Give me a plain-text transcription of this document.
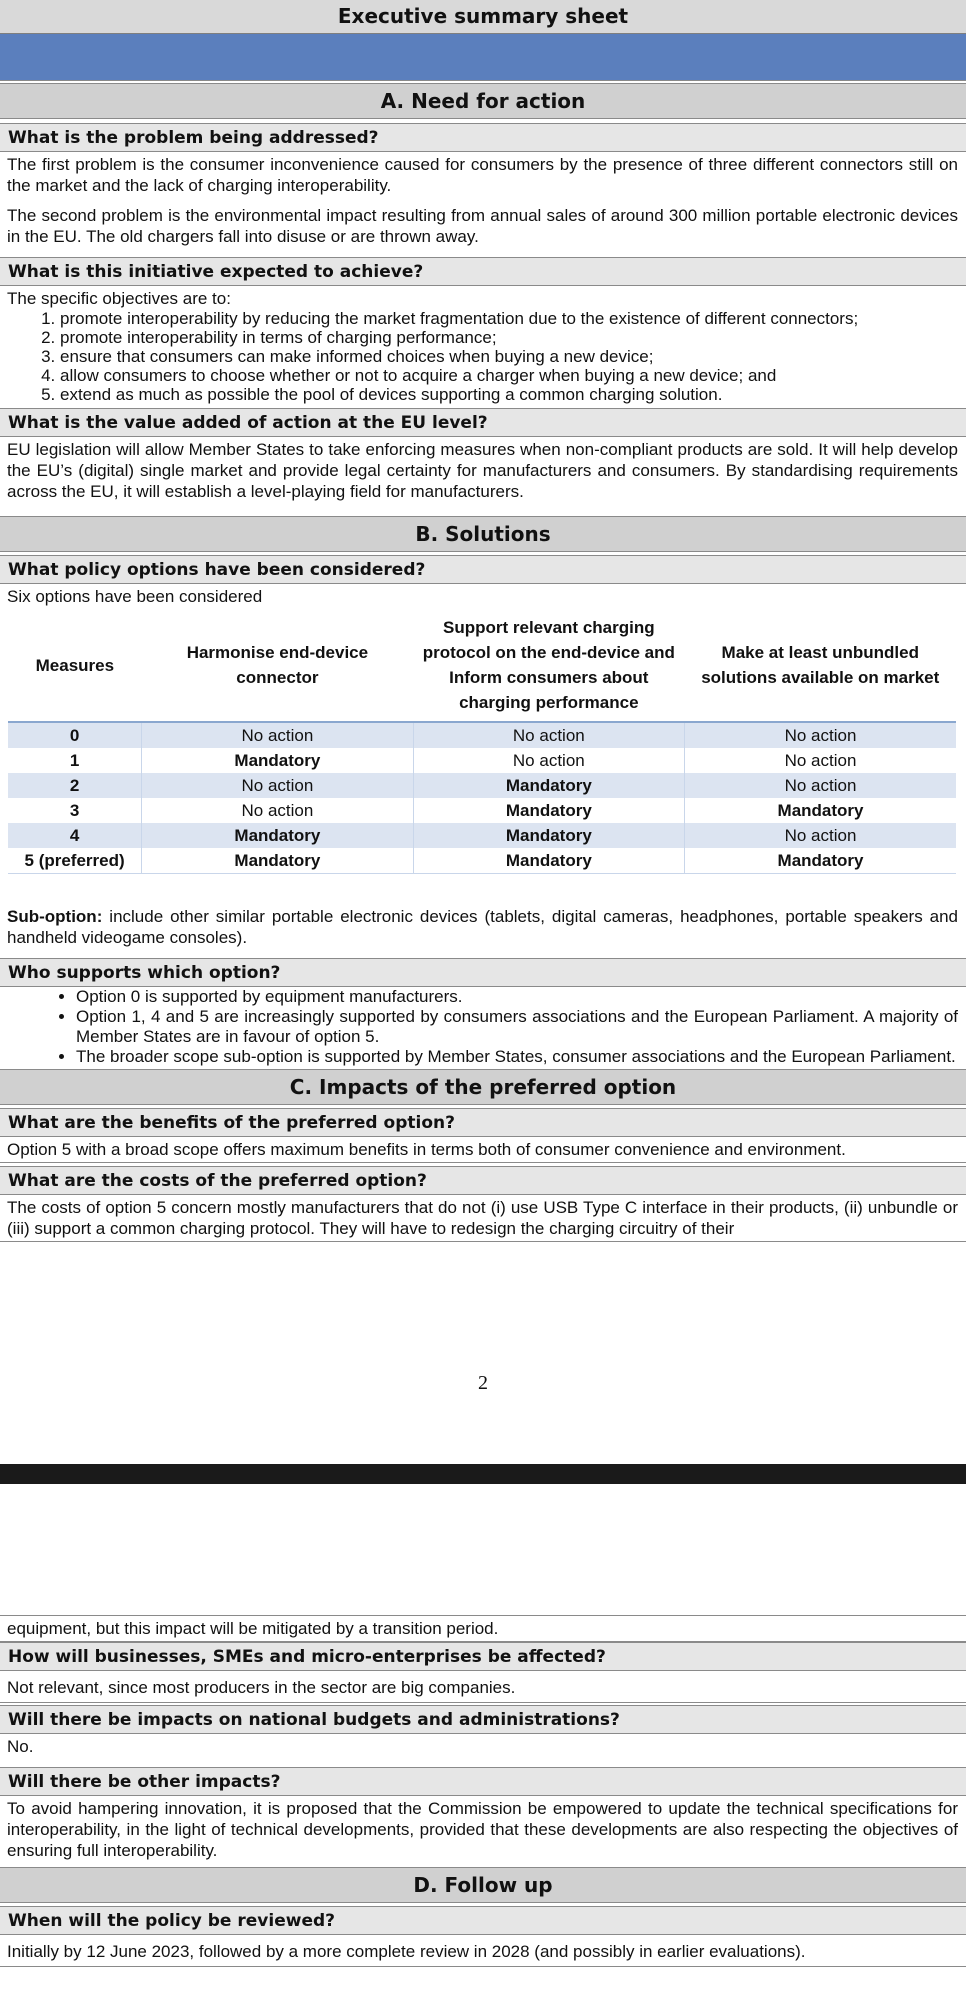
Executive summary sheet
A. Need for action
What is the problem being addressed?
The first problem is the consumer inconvenience caused for consumers by the presence of three different connectors still on the market and the lack of charging interoperability.
The second problem is the environmental impact resulting from annual sales of around 300 million portable electronic devices in the EU. The old chargers fall into disuse or are thrown away.
What is this initiative expected to achieve?
The specific objectives are to:
1. promote interoperability by reducing the market fragmentation due to the existence of different connectors;
2. promote interoperability in terms of charging performance;
3. ensure that consumers can make informed choices when buying a new device;
4. allow consumers to choose whether or not to acquire a charger when buying a new device; and
5. extend as much as possible the pool of devices supporting a common charging solution.
What is the value added of action at the EU level?
EU legislation will allow Member States to take enforcing measures when non-compliant products are sold. It will help develop the EU’s (digital) single market and provide legal certainty for manufacturers and consumers. By standardising requirements across the EU, it will establish a level-playing field for manufacturers.
B. Solutions
What policy options have been considered?
Six options have been considered
Measures	Harmonise end-device connector	Support relevant charging protocol on the end-device and Inform consumers about charging performance	Make at least unbundled solutions available on market
0	No action	No action	No action
1	Mandatory	No action	No action
2	No action	Mandatory	No action
3	No action	Mandatory	Mandatory
4	Mandatory	Mandatory	No action
5 (preferred)	Mandatory	Mandatory	Mandatory
Sub-option: include other similar portable electronic devices (tablets, digital cameras, headphones, portable speakers and handheld videogame consoles).
Who supports which option?
• Option 0 is supported by equipment manufacturers.
• Option 1, 4 and 5 are increasingly supported by consumers associations and the European Parliament. A majority of Member States are in favour of option 5.
• The broader scope sub-option is supported by Member States, consumer associations and the European Parliament.
C. Impacts of the preferred option
What are the benefits of the preferred option?
Option 5 with a broad scope offers maximum benefits in terms both of consumer convenience and environment.
What are the costs of the preferred option?
The costs of option 5 concern mostly manufacturers that do not (i) use USB Type C interface in their products, (ii) unbundle or (iii) support a common charging protocol. They will have to redesign the charging circuitry of their
2
equipment, but this impact will be mitigated by a transition period.
How will businesses, SMEs and micro-enterprises be affected?
Not relevant, since most producers in the sector are big companies.
Will there be impacts on national budgets and administrations?
No.
Will there be other impacts?
To avoid hampering innovation, it is proposed that the Commission be empowered to update the technical specifications for interoperability, in the light of technical developments, provided that these developments are also respecting the objectives of ensuring full interoperability.
D. Follow up
When will the policy be reviewed?
Initially by 12 June 2023, followed by a more complete review in 2028 (and possibly in earlier evaluations).
